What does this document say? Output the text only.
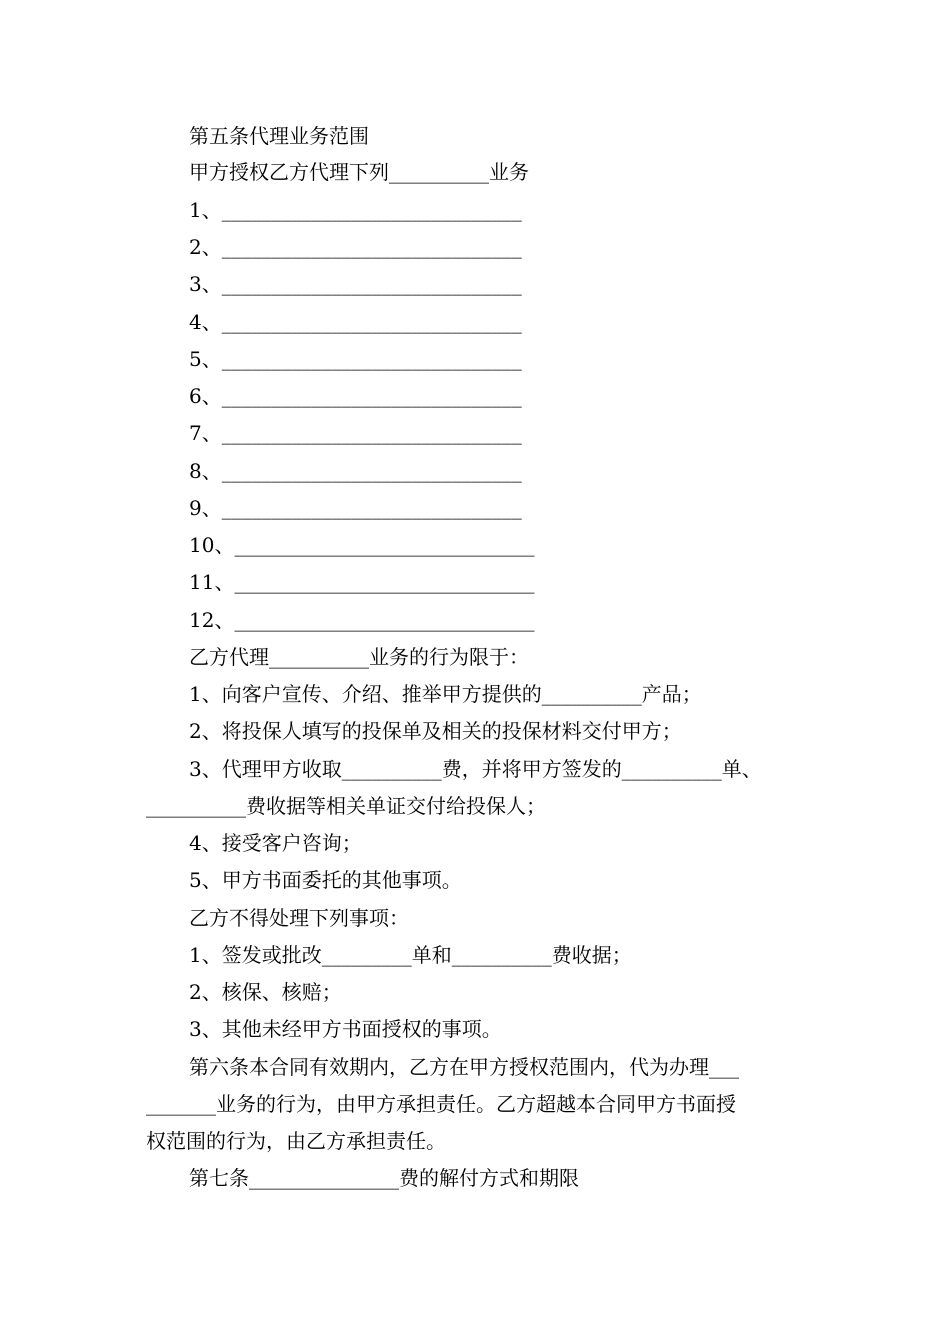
第五条代理业务范围
甲方授权乙方代理下列__________业务
1、______________________________
2、______________________________
3、______________________________
4、______________________________
5、______________________________
6、______________________________
7、______________________________
8、______________________________
9、______________________________
10、______________________________
11、______________________________
12、______________________________
乙方代理__________业务的行为限于：
1、向客户宣传、介绍、推举甲方提供的__________产品；
2、将投保人填写的投保单及相关的投保材料交付甲方；
3、代理甲方收取__________费，并将甲方签发的__________单、
__________费收据等相关单证交付给投保人；
4、接受客户咨询；
5、甲方书面委托的其他事项。
乙方不得处理下列事项：
1、签发或批改_________单和__________费收据；
2、核保、核赔；
3、其他未经甲方书面授权的事项。
第六条本合同有效期内，乙方在甲方授权范围内，代为办理___
_______业务的行为，由甲方承担责任。乙方超越本合同甲方书面授
权范围的行为，由乙方承担责任。
第七条_______________费的解付方式和期限
